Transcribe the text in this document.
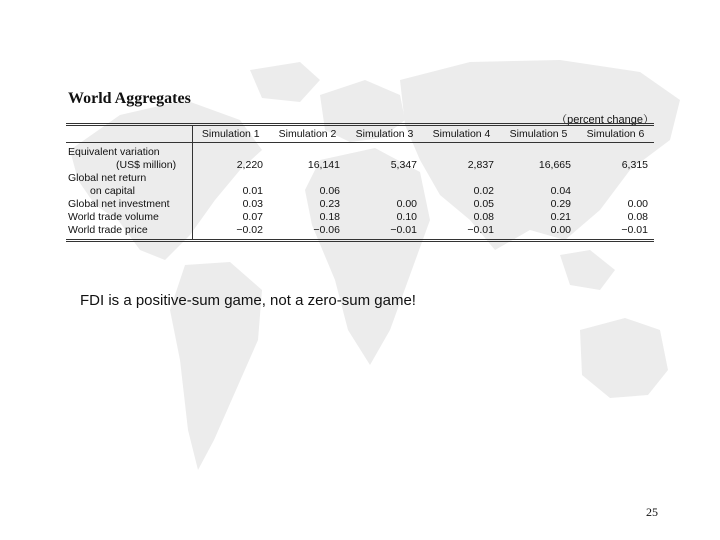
World Aggregates
（percent change）
	Simulation 1	Simulation 2	Simulation 3	Simulation 4	Simulation 5	Simulation 6
Equivalent variation						
(US$ million)	2,220	16,141	5,347	2,837	16,665	6,315
Global net return						
on capital	0.01	0.06		0.02	0.04	
Global net investment	0.03	0.23	0.00	0.05	0.29	0.00
World trade volume	0.07	0.18	0.10	0.08	0.21	0.08
World trade price	−0.02	−0.06	−0.01	−0.01	0.00	−0.01

FDI is a positive-sum game, not a zero-sum game!

25
